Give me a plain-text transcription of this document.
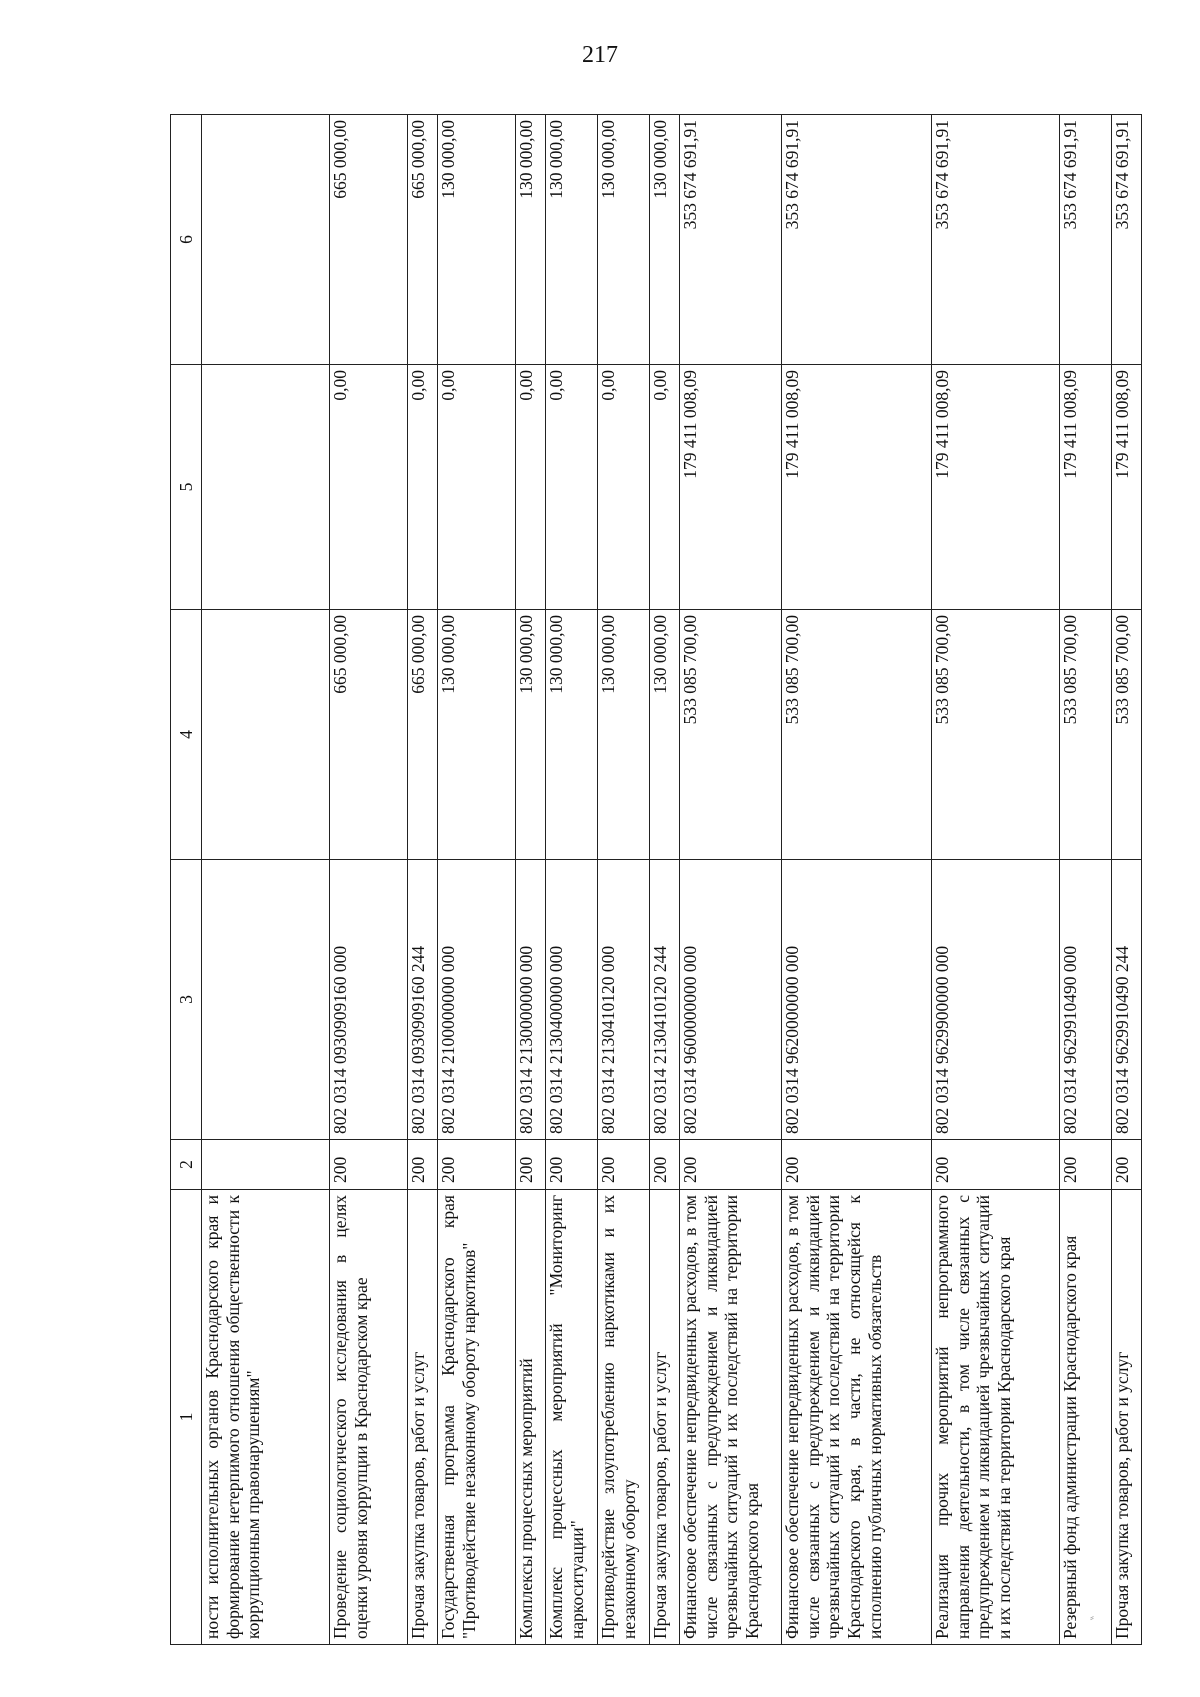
217
1	2	3	4	5	6
ности исполнительных органов Краснодарского края и формирование нетерпимого отношения общественности к коррупционным правонарушениям"					
Проведение социологического исследования в целях оценки уровня коррупции в Краснодарском крае	200	802 0314 0930909160 000	665 000,00	0,00	665 000,00
Прочая закупка товаров, работ и услуг	200	802 0314 0930909160 244	665 000,00	0,00	665 000,00
Государственная программа Краснодарского края "Противодействие незаконному обороту наркотиков"	200	802 0314 2100000000 000	130 000,00	0,00	130 000,00
Комплексы процессных мероприятий	200	802 0314 2130000000 000	130 000,00	0,00	130 000,00
Комплекс процессных мероприятий "Мониторинг наркоситуации"	200	802 0314 2130400000 000	130 000,00	0,00	130 000,00
Противодействие злоупотреблению наркотиками и их незаконному обороту	200	802 0314 2130410120 000	130 000,00	0,00	130 000,00
Прочая закупка товаров, работ и услуг	200	802 0314 2130410120 244	130 000,00	0,00	130 000,00
Финансовое обеспечение непредвиденных расходов, в том числе связанных с предупреждением и ликвидацией чрезвычайных ситуаций и их последствий на территории Краснодарского края	200	802 0314 9600000000 000	533 085 700,00	179 411 008,09	353 674 691,91
Финансовое обеспечение непредвиденных расходов, в том числе связанных с предупреждением и ликвидацией чрезвычайных ситуаций и их последствий на территории Краснодарского края, в части, не относящейся к исполнению публичных нормативных обязательств	200	802 0314 9620000000 000	533 085 700,00	179 411 008,09	353 674 691,91
Реализация прочих мероприятий непрограммного направления деятельности, в том числе связанных с предупреждением и ликвидацией чрезвычайных ситуаций и их последствий на территории Краснодарского края	200	802 0314 9629900000 000	533 085 700,00	179 411 008,09	353 674 691,91
Резервный фонд администрации Краснодарского края	200	802 0314 9629910490 000	533 085 700,00	179 411 008,09	353 674 691,91
Прочая закупка товаров, работ и услуг	200	802 0314 9629910490 244	533 085 700,00	179 411 008,09	353 674 691,91
⸗
